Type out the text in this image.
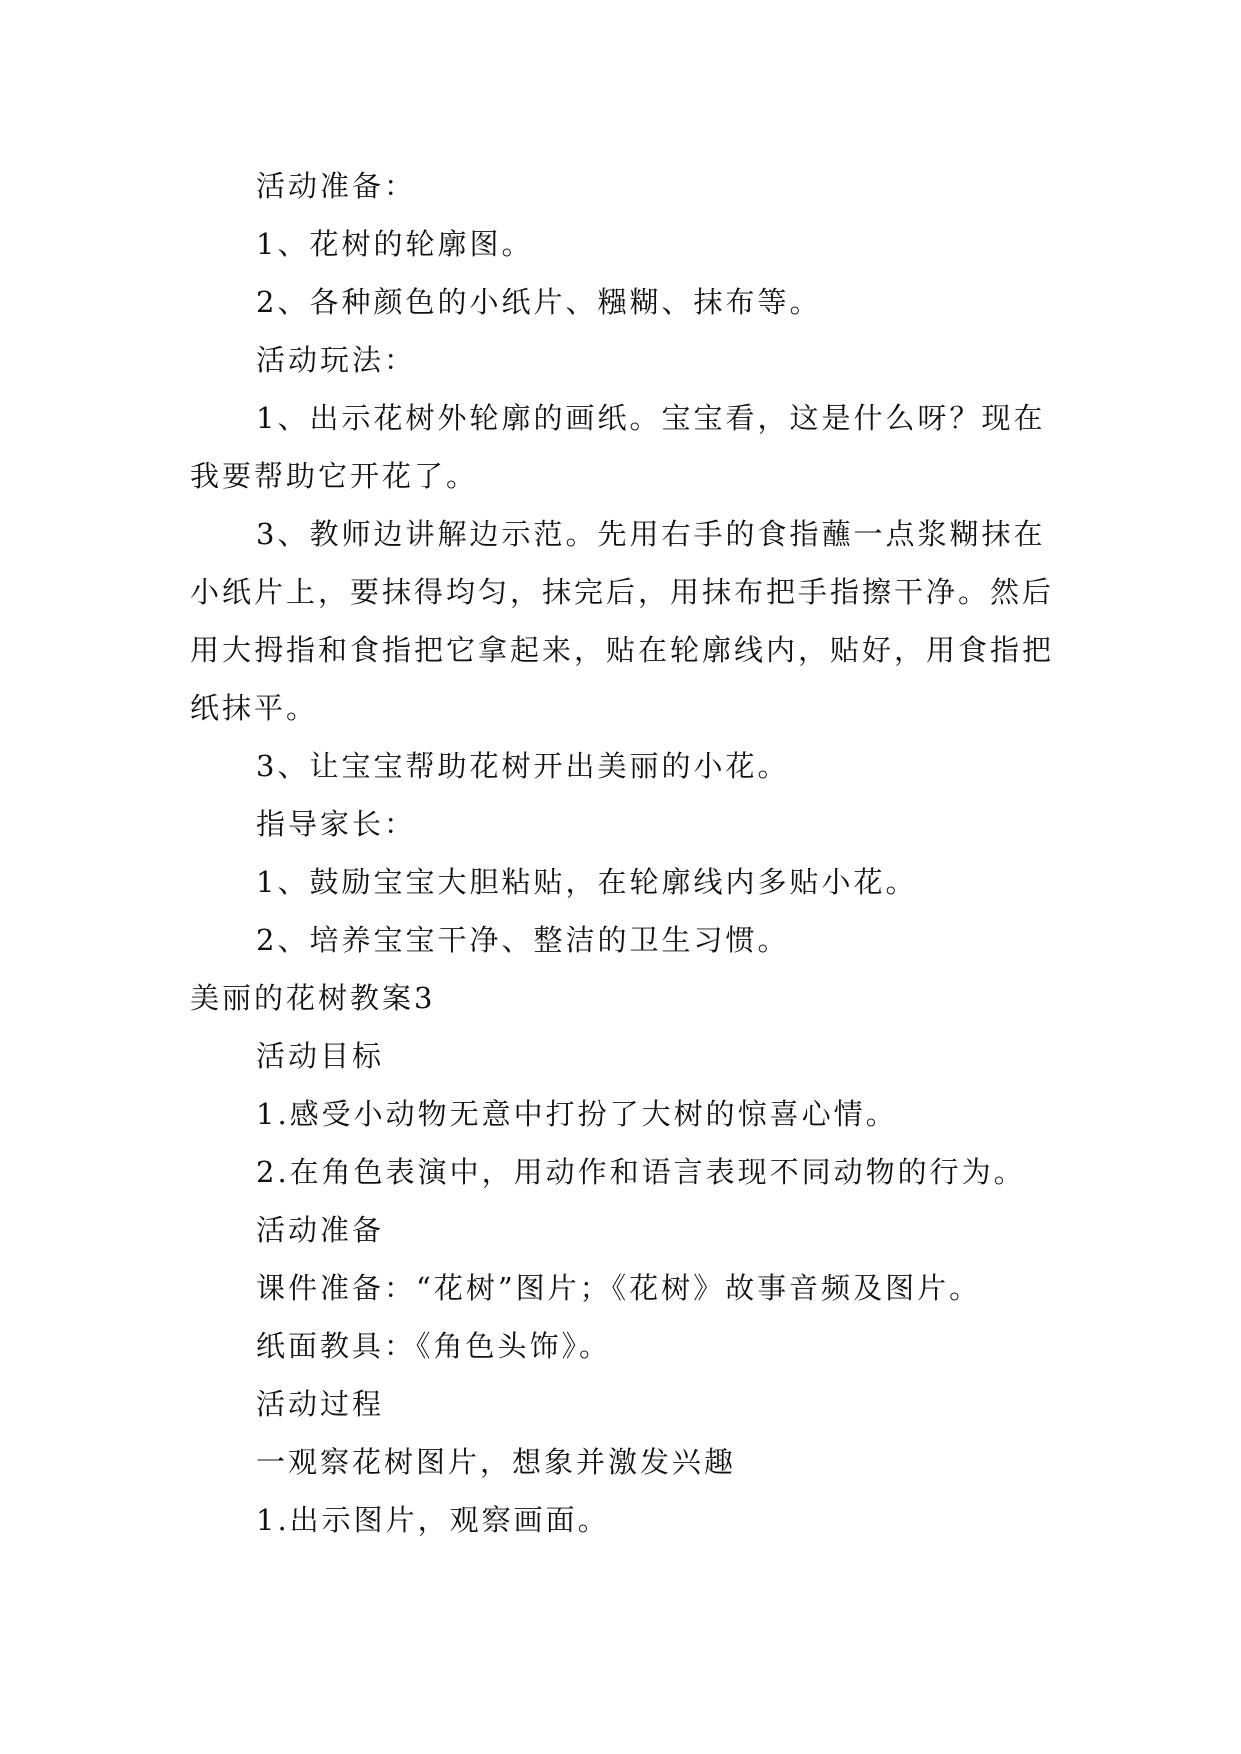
活动准备：

1、花树的轮廓图。

2、各种颜色的小纸片、糨糊、抹布等。

活动玩法：

1、出示花树外轮廓的画纸。宝宝看，这是什么呀？现在我要帮助它开花了。

3、教师边讲解边示范。先用右手的食指蘸一点浆糊抹在小纸片上，要抹得均匀，抹完后，用抹布把手指擦干净。然后用大拇指和食指把它拿起来，贴在轮廓线内，贴好，用食指把纸抹平。

3、让宝宝帮助花树开出美丽的小花。

指导家长：

1、鼓励宝宝大胆粘贴，在轮廓线内多贴小花。

2、培养宝宝干净、整洁的卫生习惯。

美丽的花树教案3

活动目标

1.感受小动物无意中打扮了大树的惊喜心情。

2.在角色表演中，用动作和语言表现不同动物的行为。

活动准备

课件准备：“花树”图片；《花树》故事音频及图片。

纸面教具：《角色头饰》。

活动过程

一观察花树图片，想象并激发兴趣

1.出示图片，观察画面。
